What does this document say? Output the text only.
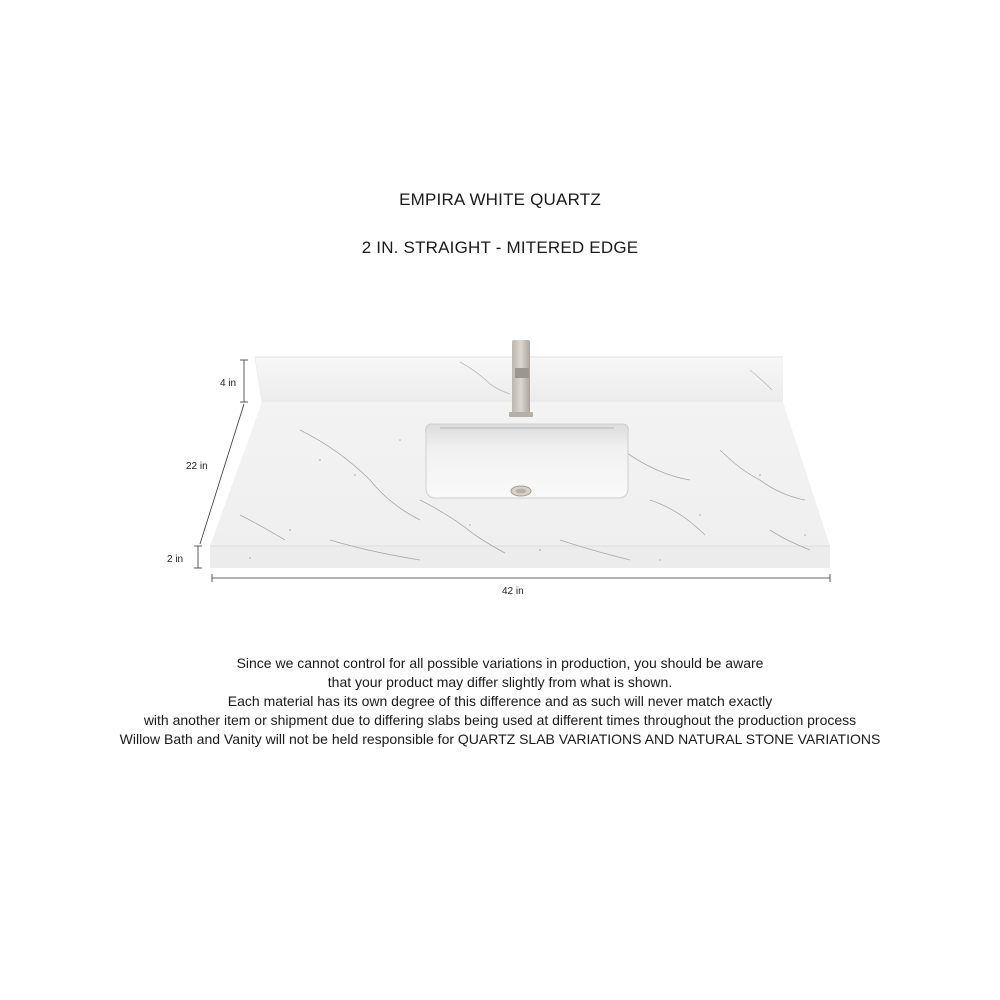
EMPIRA WHITE QUARTZ
2 IN. STRAIGHT - MITERED EDGE
4 in
22 in
2 in
42 in
Since we cannot control for all possible variations in production, you should be aware
that your product may differ slightly from what is shown.
Each material has its own degree of this difference and as such will never match exactly
with another item or shipment due to differing slabs being used at different times throughout the production process
Willow Bath and Vanity will not be held responsible for QUARTZ SLAB VARIATIONS AND NATURAL STONE VARIATIONS
